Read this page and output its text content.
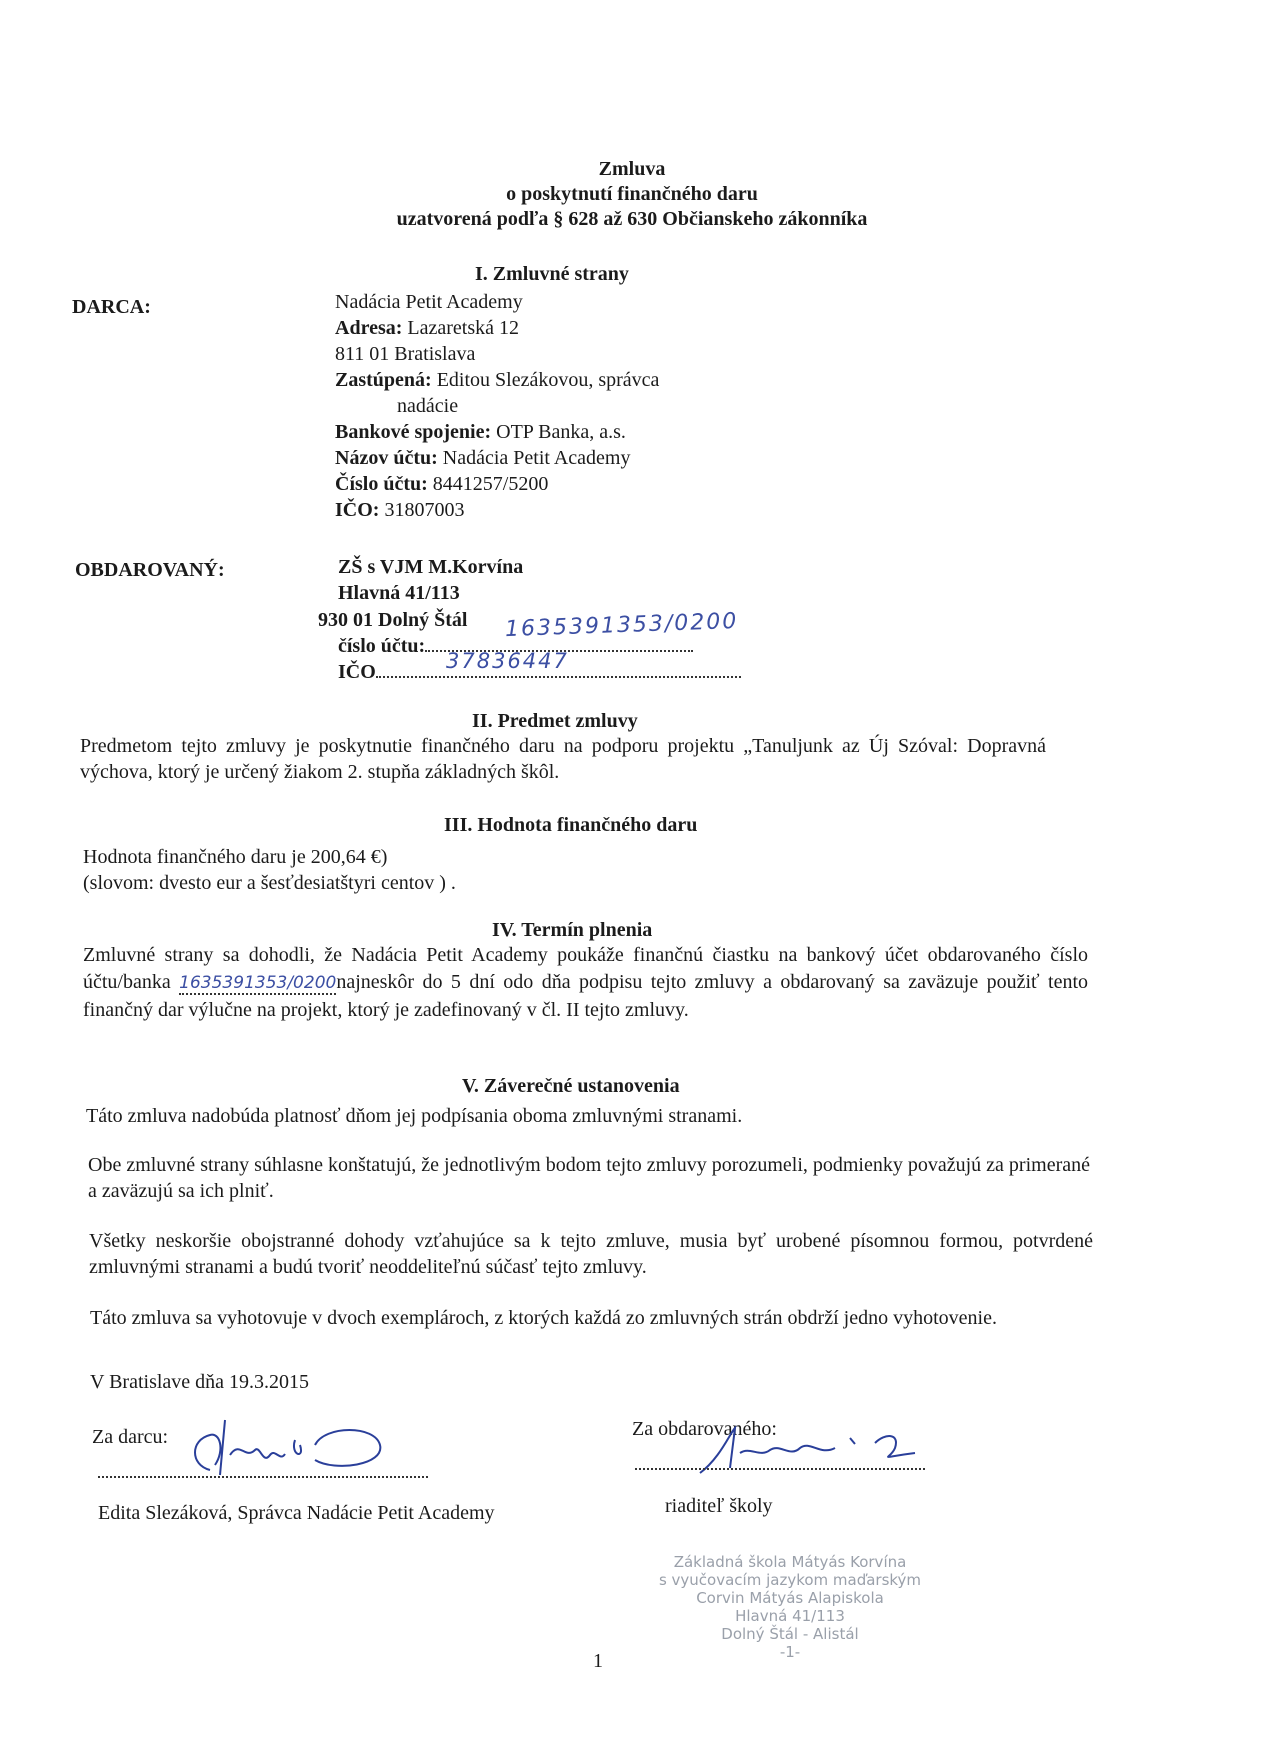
Zmluva
o poskytnutí finančného daru
uzatvorená podľa § 628 až 630 Občianskeho zákonníka
I. Zmluvné strany
DARCA:	Nadácia Petit Academy
Adresa: Lazaretská 12
811 01 Bratislava
Zastúpená: Editou Slezákovou, správca
nadácie
Bankové spojenie: OTP Banka, a.s.
Názov účtu: Nadácia Petit Academy
Číslo účtu: 8441257/5200
IČO: 31807003
OBDAROVANÝ:	ZŠ s VJM M.Korvína
Hlavná 41/113
930 01 Dolný Štál 1635391353/0200
číslo účtu:
37836447
IČO
II. Predmet zmluvy
Predmetom tejto zmluvy je poskytnutie finančného daru na podporu projektu „Tanuljunk az Új Szóval: Dopravná výchova, ktorý je určený žiakom 2. stupňa základných škôl.
III. Hodnota finančného daru
Hodnota finančného daru je 200,64 €)
(slovom: dvesto eur a šesťdesiatštyri centov ) .
IV. Termín plnenia
Zmluvné strany sa dohodli, že Nadácia Petit Academy poukáže finančnú čiastku na bankový účet obdarovaného číslo účtu/banka 1635391353/0200najneskôr do 5 dní odo dňa podpisu tejto zmluvy a obdarovaný sa zaväzuje použiť tento finančný dar výlučne na projekt, ktorý je zadefinovaný v čl. II tejto zmluvy.
V. Záverečné ustanovenia
Táto zmluva nadobúda platnosť dňom jej podpísania oboma zmluvnými stranami.
Obe zmluvné strany súhlasne konštatujú, že jednotlivým bodom tejto zmluvy porozumeli, podmienky považujú za primerané a zaväzujú sa ich plniť.
Všetky neskoršie obojstranné dohody vzťahujúce sa k tejto zmluve, musia byť urobené písomnou formou, potvrdené zmluvnými stranami a budú tvoriť neoddeliteľnú súčasť tejto zmluvy.
Táto zmluva sa vyhotovuje v dvoch exemplároch, z ktorých každá zo zmluvných strán obdrží jedno vyhotovenie.
V Bratislave dňa 19.3.2015
Za darcu:
Edita Slezáková, Správca Nadácie Petit Academy
Za obdarovaného:
riaditeľ školy
Základná škola Mátyás Korvína
s vyučovacím jazykom maďarským
Corvin Mátyás Alapiskola
Hlavná 41/113
Dolný Štál - Alistál
-1-
1
